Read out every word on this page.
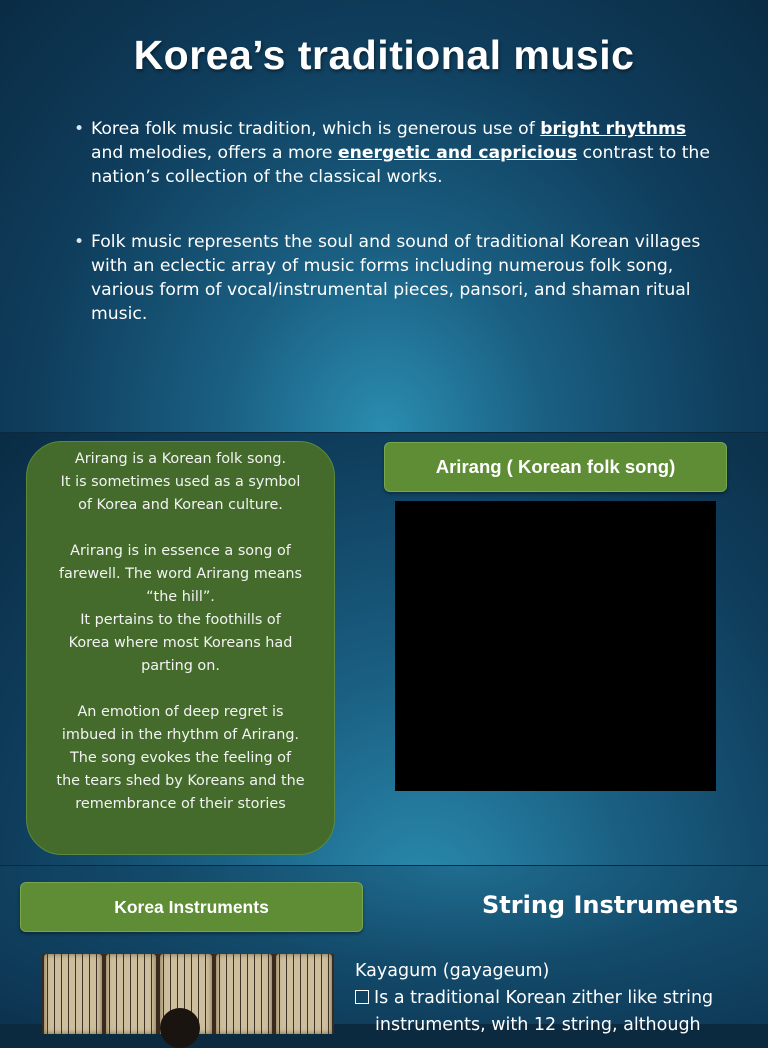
Korea’s traditional music

• Korea folk music tradition, which is generous use of bright rhythms and melodies, offers a more energetic and capricious contrast to the nation’s collection of the classical works.

• Folk music represents the soul and sound of traditional Korean villages with an eclectic array of music forms including numerous folk song, various form of vocal/instrumental pieces, pansori, and shaman ritual music.

Arirang is a Korean folk song.

It is sometimes used as a symbol

of Korea and Korean culture.

Arirang is in essence a song of

farewell. The word Arirang means

“the hill”.

It pertains to the foothills of

Korea where most Koreans had

parting on.

An emotion of deep regret is

imbued in the rhythm of Arirang.

The song evokes the feeling of

the tears shed by Koreans and the

remembrance of their stories

Arirang ( Korean folk song)
Korea Instruments	String Instruments

Kayagum (gayageum)

Is a traditional Korean zither like string

instruments, with 12 string, although
